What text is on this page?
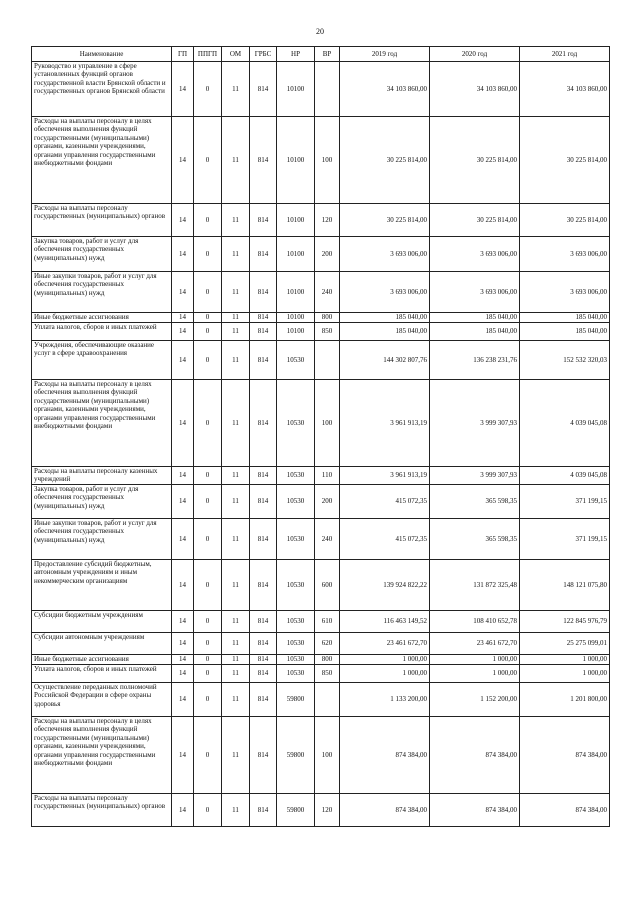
20
Наименование	ГП	ППГП	ОМ	ГРБС	НР	ВР	2019 год	2020 год	2021 год
Руководство и управление в сфере установленных функций органов государственной власти Брянской области и государственных органов Брянской области	14	0	11	814	10100		34 103 860,00	34 103 860,00	34 103 860,00
Расходы на выплаты персоналу в целях обеспечения выполнения функций государственными (муниципальными) органами, казенными учреждениями, органами управления государственными внебюджетными фондами	14	0	11	814	10100	100	30 225 814,00	30 225 814,00	30 225 814,00
Расходы на выплаты персоналу государственных (муниципальных) органов	14	0	11	814	10100	120	30 225 814,00	30 225 814,00	30 225 814,00
Закупка товаров, работ и услуг для обеспечения государственных (муниципальных) нужд	14	0	11	814	10100	200	3 693 006,00	3 693 006,00	3 693 006,00
Иные закупки товаров, работ и услуг для обеспечения государственных (муниципальных) нужд	14	0	11	814	10100	240	3 693 006,00	3 693 006,00	3 693 006,00
Иные бюджетные ассигнования	14	0	11	814	10100	800	185 040,00	185 040,00	185 040,00
Уплата налогов, сборов и иных платежей	14	0	11	814	10100	850	185 040,00	185 040,00	185 040,00
Учреждения, обеспечивающие оказание услуг в сфере здравоохранения	14	0	11	814	10530		144 302 807,76	136 238 231,76	152 532 320,03
Расходы на выплаты персоналу в целях обеспечения выполнения функций государственными (муниципальными) органами, казенными учреждениями, органами управления государственными внебюджетными фондами	14	0	11	814	10530	100	3 961 913,19	3 999 307,93	4 039 045,08
Расходы на выплаты персоналу казенных учреждений	14	0	11	814	10530	110	3 961 913,19	3 999 307,93	4 039 045,08
Закупка товаров, работ и услуг для обеспечения государственных (муниципальных) нужд	14	0	11	814	10530	200	415 072,35	365 598,35	371 199,15
Иные закупки товаров, работ и услуг для обеспечения государственных (муниципальных) нужд	14	0	11	814	10530	240	415 072,35	365 598,35	371 199,15
Предоставление субсидий бюджетным, автономным учреждениям и иным некоммерческим организациям	14	0	11	814	10530	600	139 924 822,22	131 872 325,48	148 121 075,80
Субсидии бюджетным учреждениям	14	0	11	814	10530	610	116 463 149,52	108 410 652,78	122 845 976,79
Субсидии автономным учреждениям	14	0	11	814	10530	620	23 461 672,70	23 461 672,70	25 275 099,01
Иные бюджетные ассигнования	14	0	11	814	10530	800	1 000,00	1 000,00	1 000,00
Уплата налогов, сборов и иных платежей	14	0	11	814	10530	850	1 000,00	1 000,00	1 000,00
Осуществление переданных полномочий Российской Федерации в сфере охраны здоровья	14	0	11	814	59800		1 133 200,00	1 152 200,00	1 201 800,00
Расходы на выплаты персоналу в целях обеспечения выполнения функций государственными (муниципальными) органами, казенными учреждениями, органами управления государственными внебюджетными фондами	14	0	11	814	59800	100	874 384,00	874 384,00	874 384,00
Расходы на выплаты персоналу государственных (муниципальных) органов	14	0	11	814	59800	120	874 384,00	874 384,00	874 384,00
